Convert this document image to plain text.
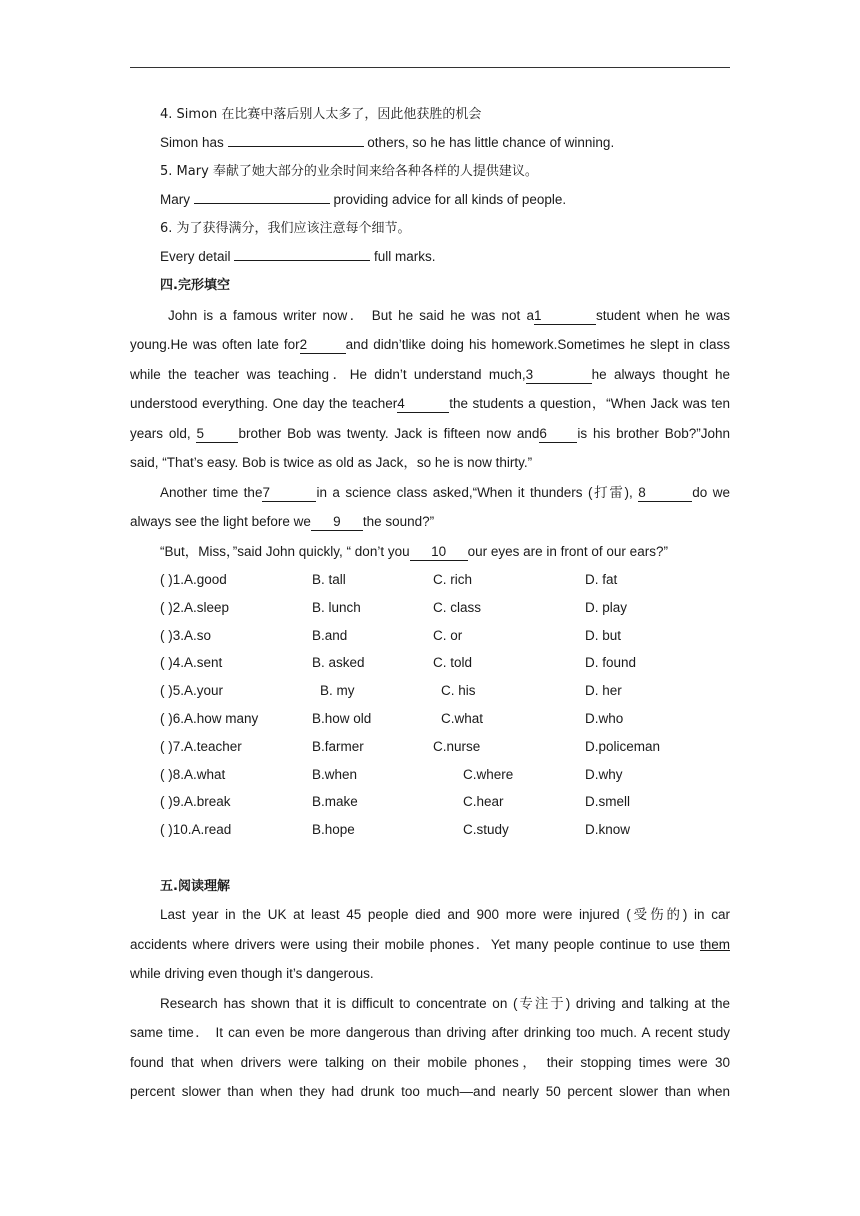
4. Simon 在比赛中落后别人太多了，因此他获胜的机会
Simon has	others, so he has little chance of winning.
5. Mary 奉献了她大部分的业余时间来给各种各样的人提供建议。
Mary	providing advice for all kinds of people.
6. 为了获得满分，我们应该注意每个细节。
Every detail	full marks.
四.完形填空
John is a famous writer now． But he said he was not a1	student when he was
young.He was often late for2	and didn’tlike doing his homework.Sometimes he slept in class
while the teacher was teaching．He didn’t understand much,3	he always thought he
understood everything. One day the teacher4	the students a question，“When Jack was ten
years old, 5	brother Bob was twenty. Jack is fifteen now and6 is his brother Bob?”John
said, “That’s easy. Bob is twice as old as Jack，so he is now thirty.”
Another time the7	in a science class asked,“When it thunders (打雷), 8	do we
always see the light before we 9 the sound?”
“But，Miss，”said John quickly, “ don’t you 10 our eyes are in front of our ears?”
( )1.A.good	B. tall	C. rich	D. fat
( )2.A.sleep	B. lunch	C. class	D. play
( )3.A.so	B.and	C. or	D. but
( )4.A.sent	B. asked	C. told	D. found
( )5.A.your	B. my	C. his	D. her
( )6.A.how many	B.how old	C.what	D.who
( )7.A.teacher	B.farmer	C.nurse	D.policeman
( )8.A.what	B.when	C.where	D.why
( )9.A.break	B.make	C.hear	D.smell
( )10.A.read	B.hope	C.study	D.know
五.阅读理解
Last year in the UK at least 45 people died and 900 more were injured (受伤的) in car
accidents where drivers were using their mobile phones．Yet many people continue to use them
while driving even though it’s dangerous.
Research has shown that it is difficult to concentrate on (专注于) driving and talking at the
same time． It can even be more dangerous than driving after drinking too much. A recent study
found that when drivers were talking on their mobile phones， their stopping times were 30
percent slower than when they had drunk too much—and nearly 50 percent slower than when
